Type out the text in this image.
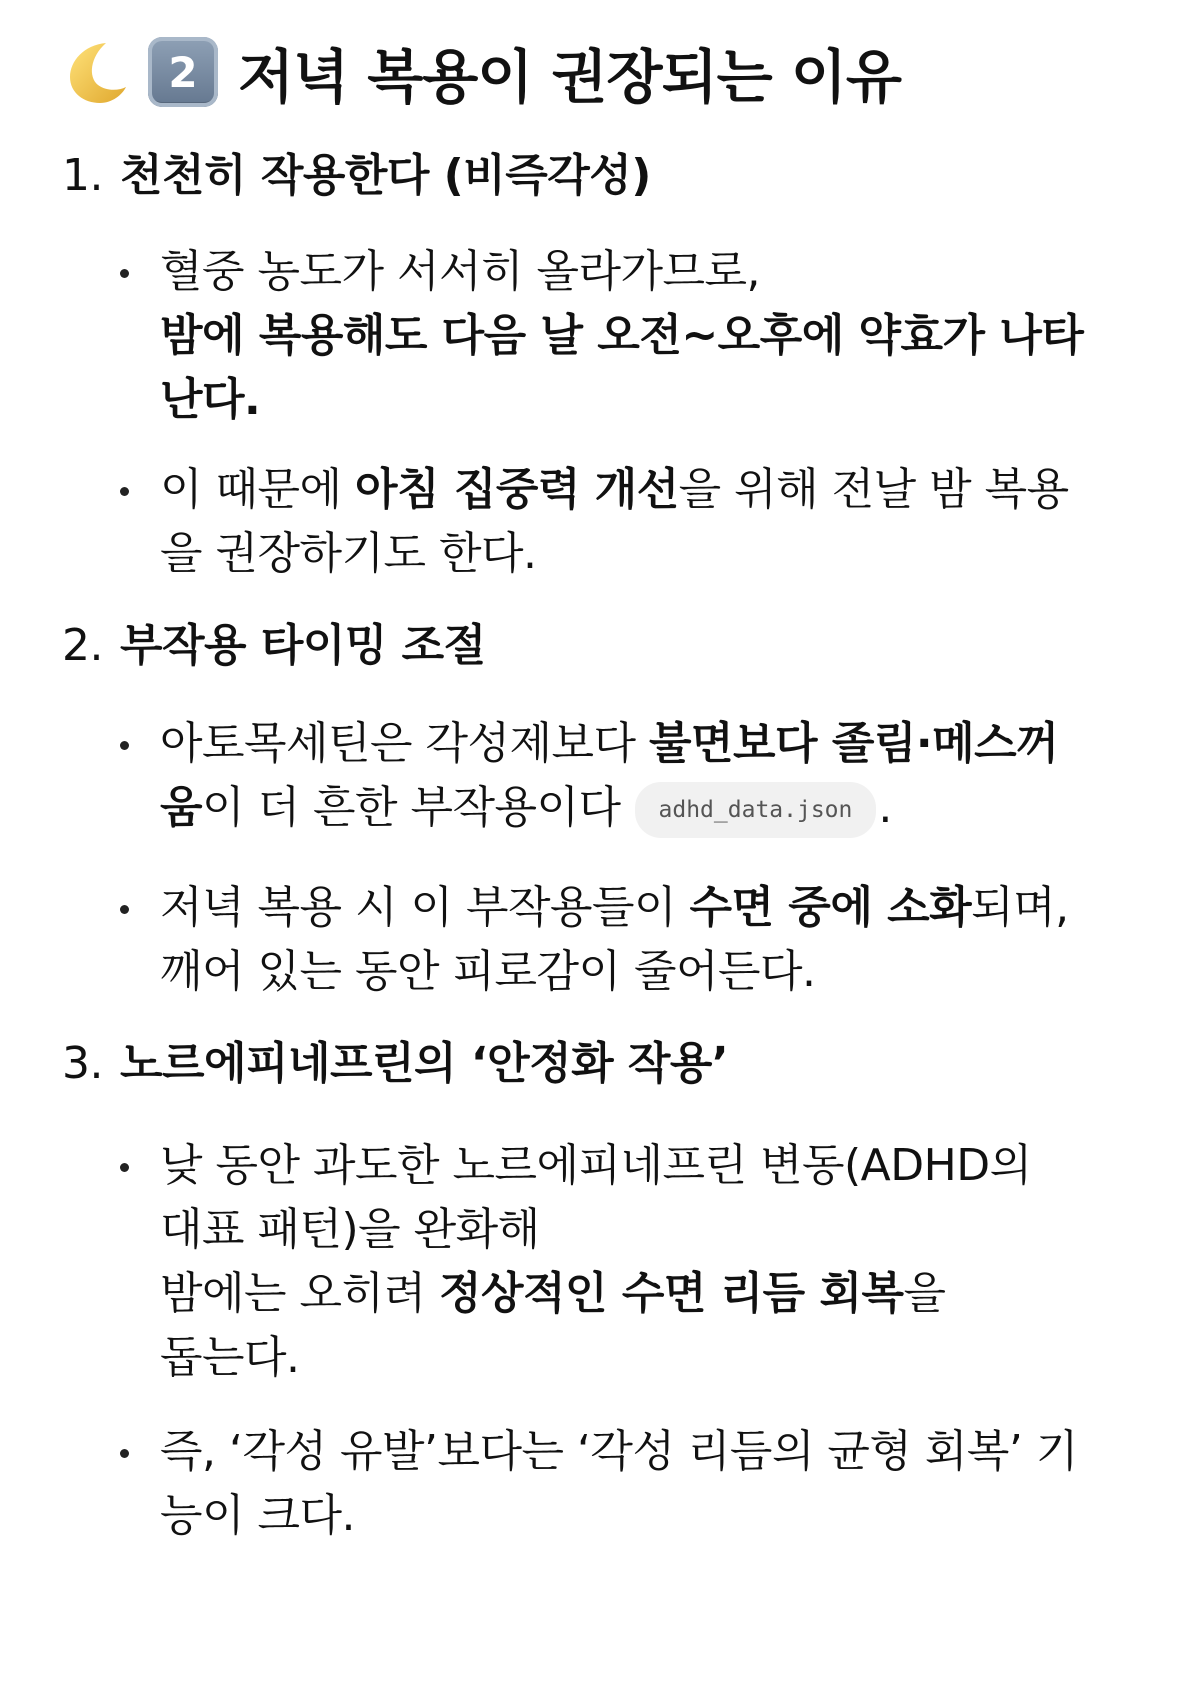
2 저녁 복용이 권장되는 이유
1. 천천히 작용한다 (비즉각성)

혈중 농도가 서서히 올라가므로,

밤에 복용해도 다음 날 오전~오후에 약효가 나타

난다.

이 때문에 아침 집중력 개선을 위해 전날 밤 복용

을 권장하기도 한다.

2. 부작용 타이밍 조절

아토목세틴은 각성제보다 불면보다 졸림·메스꺼

움이 더 흔한 부작용이다 adhd_data.json .

저녁 복용 시 이 부작용들이 수면 중에 소화되며,

깨어 있는 동안 피로감이 줄어든다.

3. 노르에피네프린의 ‘안정화 작용’

낮 동안 과도한 노르에피네프린 변동(ADHD의

대표 패턴)을 완화해

밤에는 오히려 정상적인 수면 리듬 회복을

돕는다.

즉, ‘각성 유발’보다는 ‘각성 리듬의 균형 회복’ 기

능이 크다.
